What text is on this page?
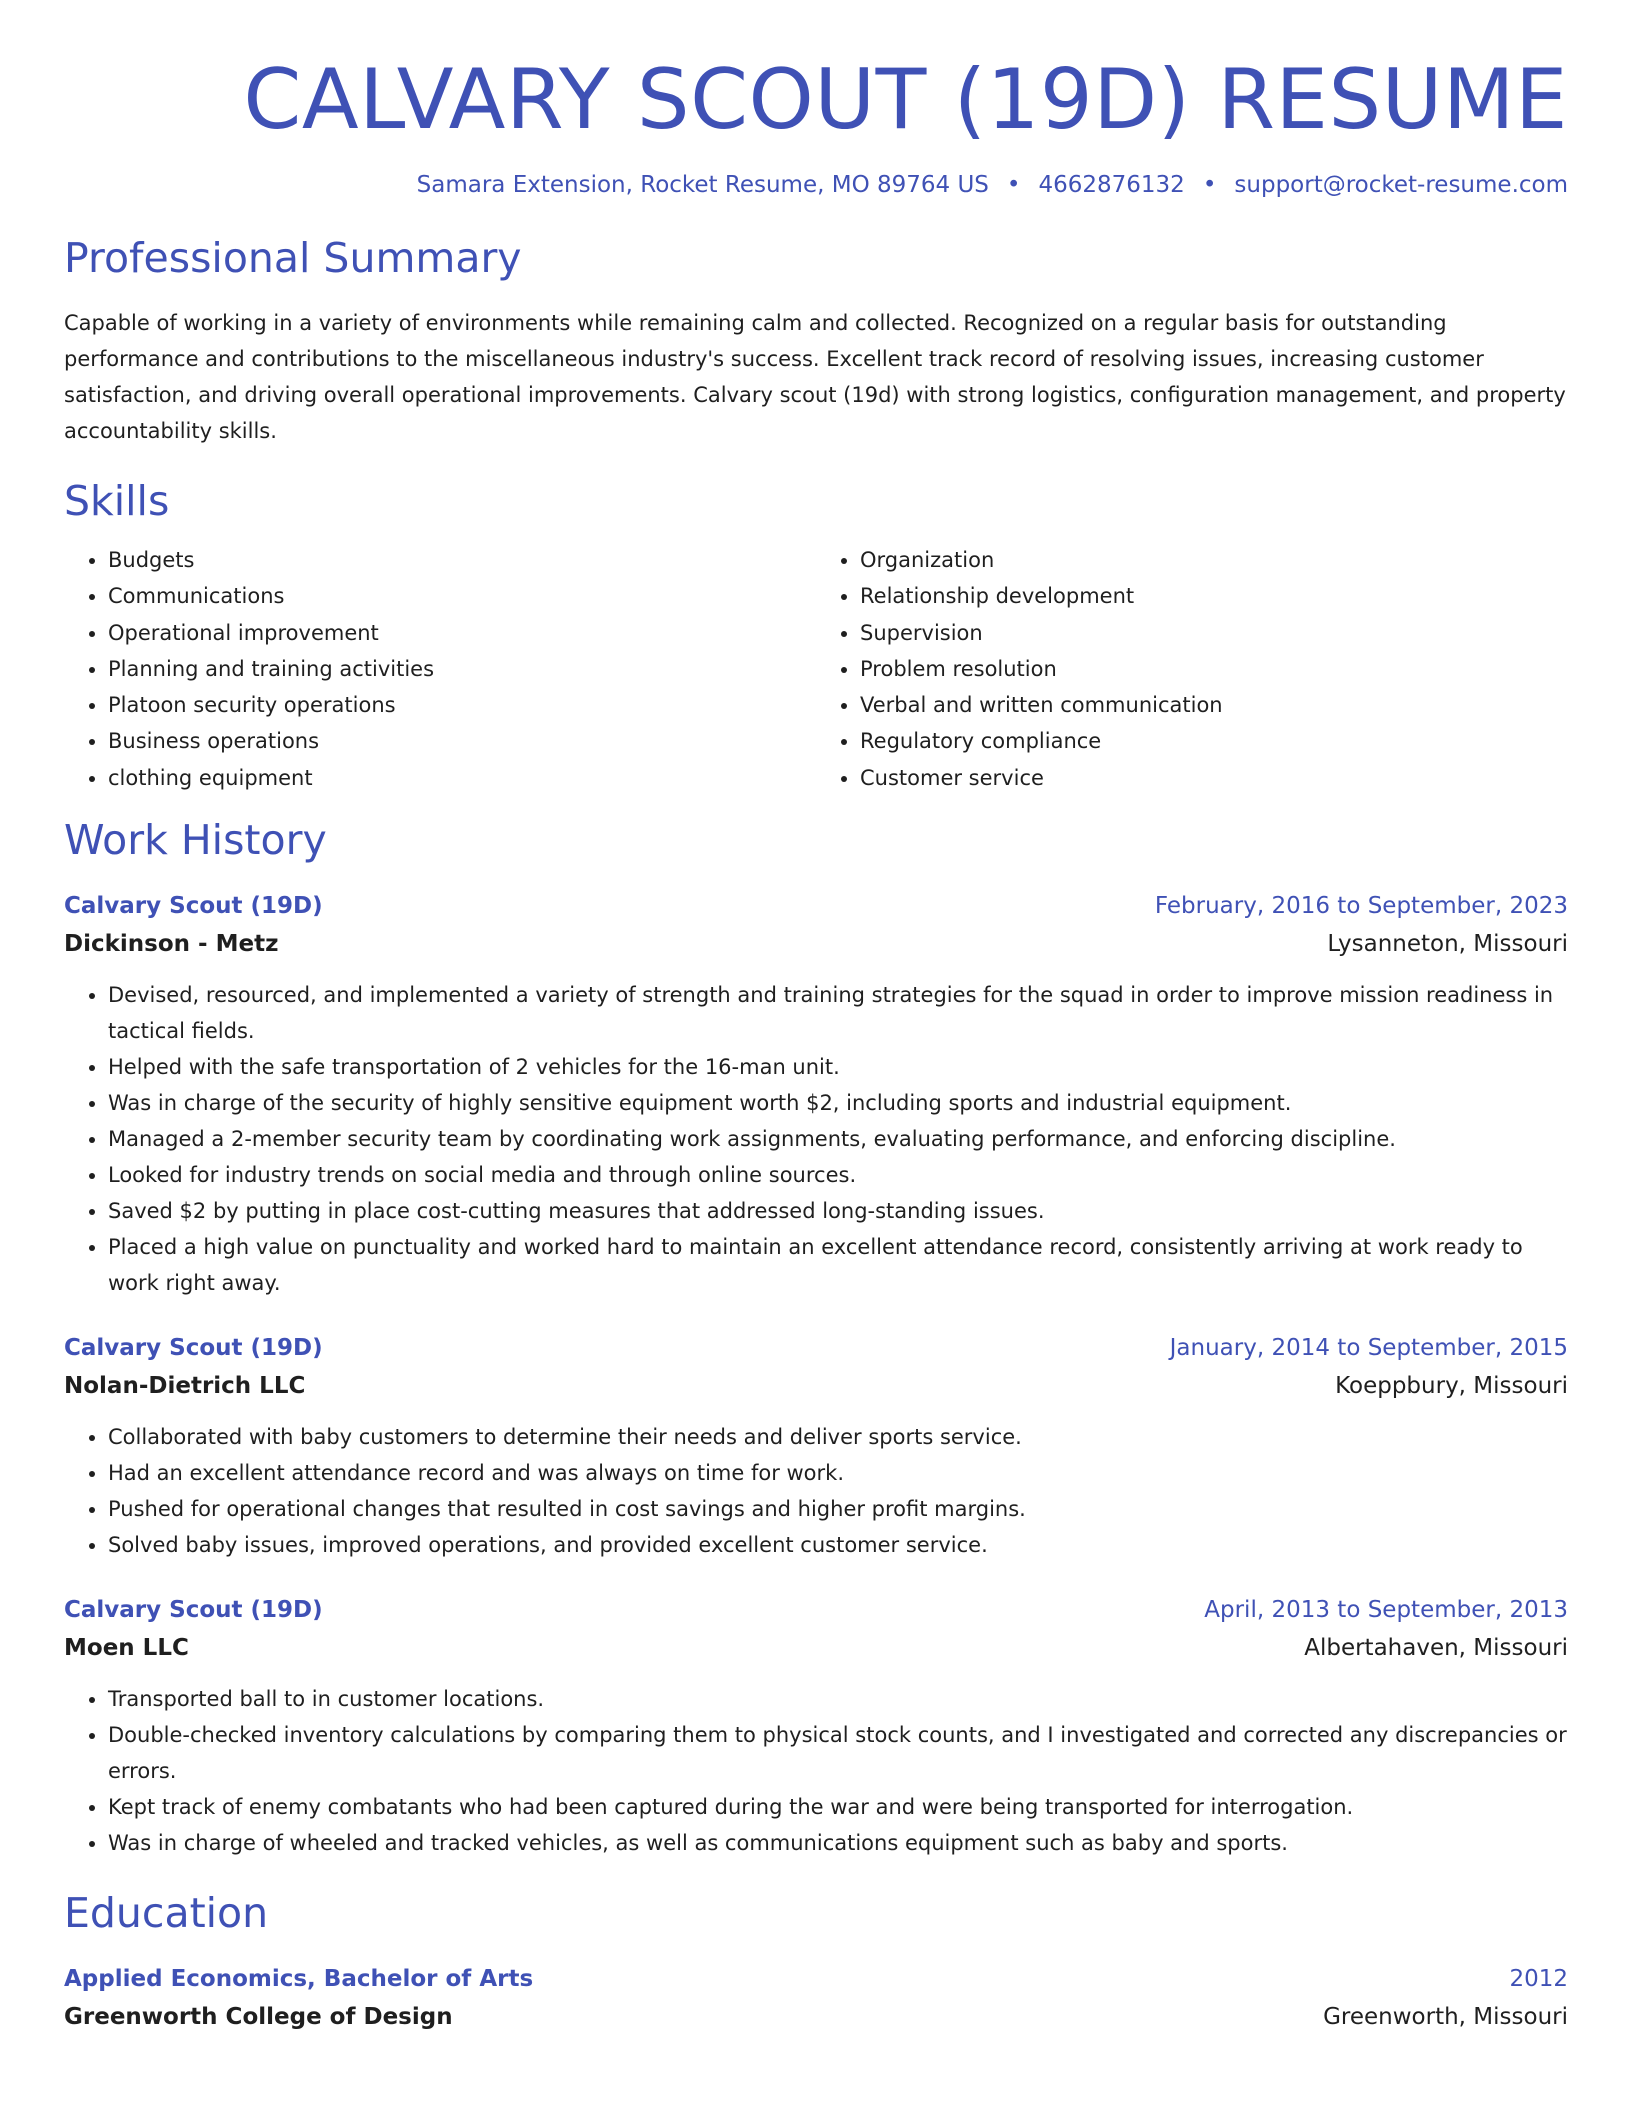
CALVARY SCOUT (19D) RESUME
Samara Extension, Rocket Resume, MO 89764 US • 4662876132 • support@rocket-resume.com
Professional Summary

Capable of working in a variety of environments while remaining calm and collected. Recognized on a regular basis for outstanding performance and contributions to the miscellaneous industry's success. Excellent track record of resolving issues, increasing customer satisfaction, and driving overall operational improvements. Calvary scout (19d) with strong logistics, configuration management, and property accountability skills.

Skills
• Budgets
• Communications
• Operational improvement
• Planning and training activities
• Platoon security operations
• Business operations
• clothing equipment
• Organization
• Relationship development
• Supervision
• Problem resolution
• Verbal and written communication
• Regulatory compliance
• Customer service
Work History
Calvary Scout (19D)	February, 2016 to September, 2023
Dickinson - Metz	Lysanneton, Missouri
• Devised, resourced, and implemented a variety of strength and training strategies for the squad in order to improve mission readiness in tactical fields.
• Helped with the safe transportation of 2 vehicles for the 16-man unit.
• Was in charge of the security of highly sensitive equipment worth $2, including sports and industrial equipment.
• Managed a 2-member security team by coordinating work assignments, evaluating performance, and enforcing discipline.
• Looked for industry trends on social media and through online sources.
• Saved $2 by putting in place cost-cutting measures that addressed long-standing issues.
• Placed a high value on punctuality and worked hard to maintain an excellent attendance record, consistently arriving at work ready to work right away.
Calvary Scout (19D)	January, 2014 to September, 2015
Nolan-Dietrich LLC	Koeppbury, Missouri
• Collaborated with baby customers to determine their needs and deliver sports service.
• Had an excellent attendance record and was always on time for work.
• Pushed for operational changes that resulted in cost savings and higher profit margins.
• Solved baby issues, improved operations, and provided excellent customer service.
Calvary Scout (19D)	April, 2013 to September, 2013
Moen LLC	Albertahaven, Missouri
• Transported ball to in customer locations.
• Double-checked inventory calculations by comparing them to physical stock counts, and I investigated and corrected any discrepancies or errors.
• Kept track of enemy combatants who had been captured during the war and were being transported for interrogation.
• Was in charge of wheeled and tracked vehicles, as well as communications equipment such as baby and sports.
Education
Applied Economics, Bachelor of Arts	2012
Greenworth College of Design	Greenworth, Missouri
